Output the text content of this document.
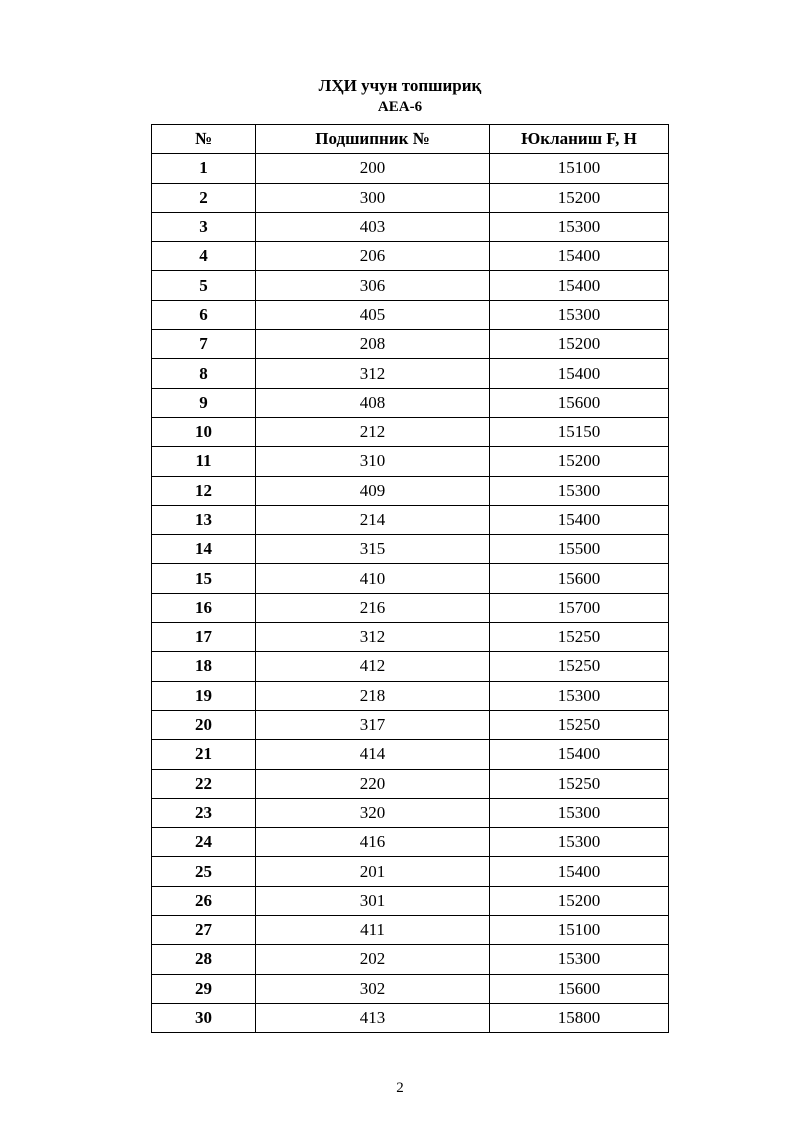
ЛҲИ учун топшириқ
AEA-6
№	Подшипник №	Юкланиш F, Н
1	200	15100
2	300	15200
3	403	15300
4	206	15400
5	306	15400
6	405	15300
7	208	15200
8	312	15400
9	408	15600
10	212	15150
11	310	15200
12	409	15300
13	214	15400
14	315	15500
15	410	15600
16	216	15700
17	312	15250
18	412	15250
19	218	15300
20	317	15250
21	414	15400
22	220	15250
23	320	15300
24	416	15300
25	201	15400
26	301	15200
27	411	15100
28	202	15300
29	302	15600
30	413	15800
2
